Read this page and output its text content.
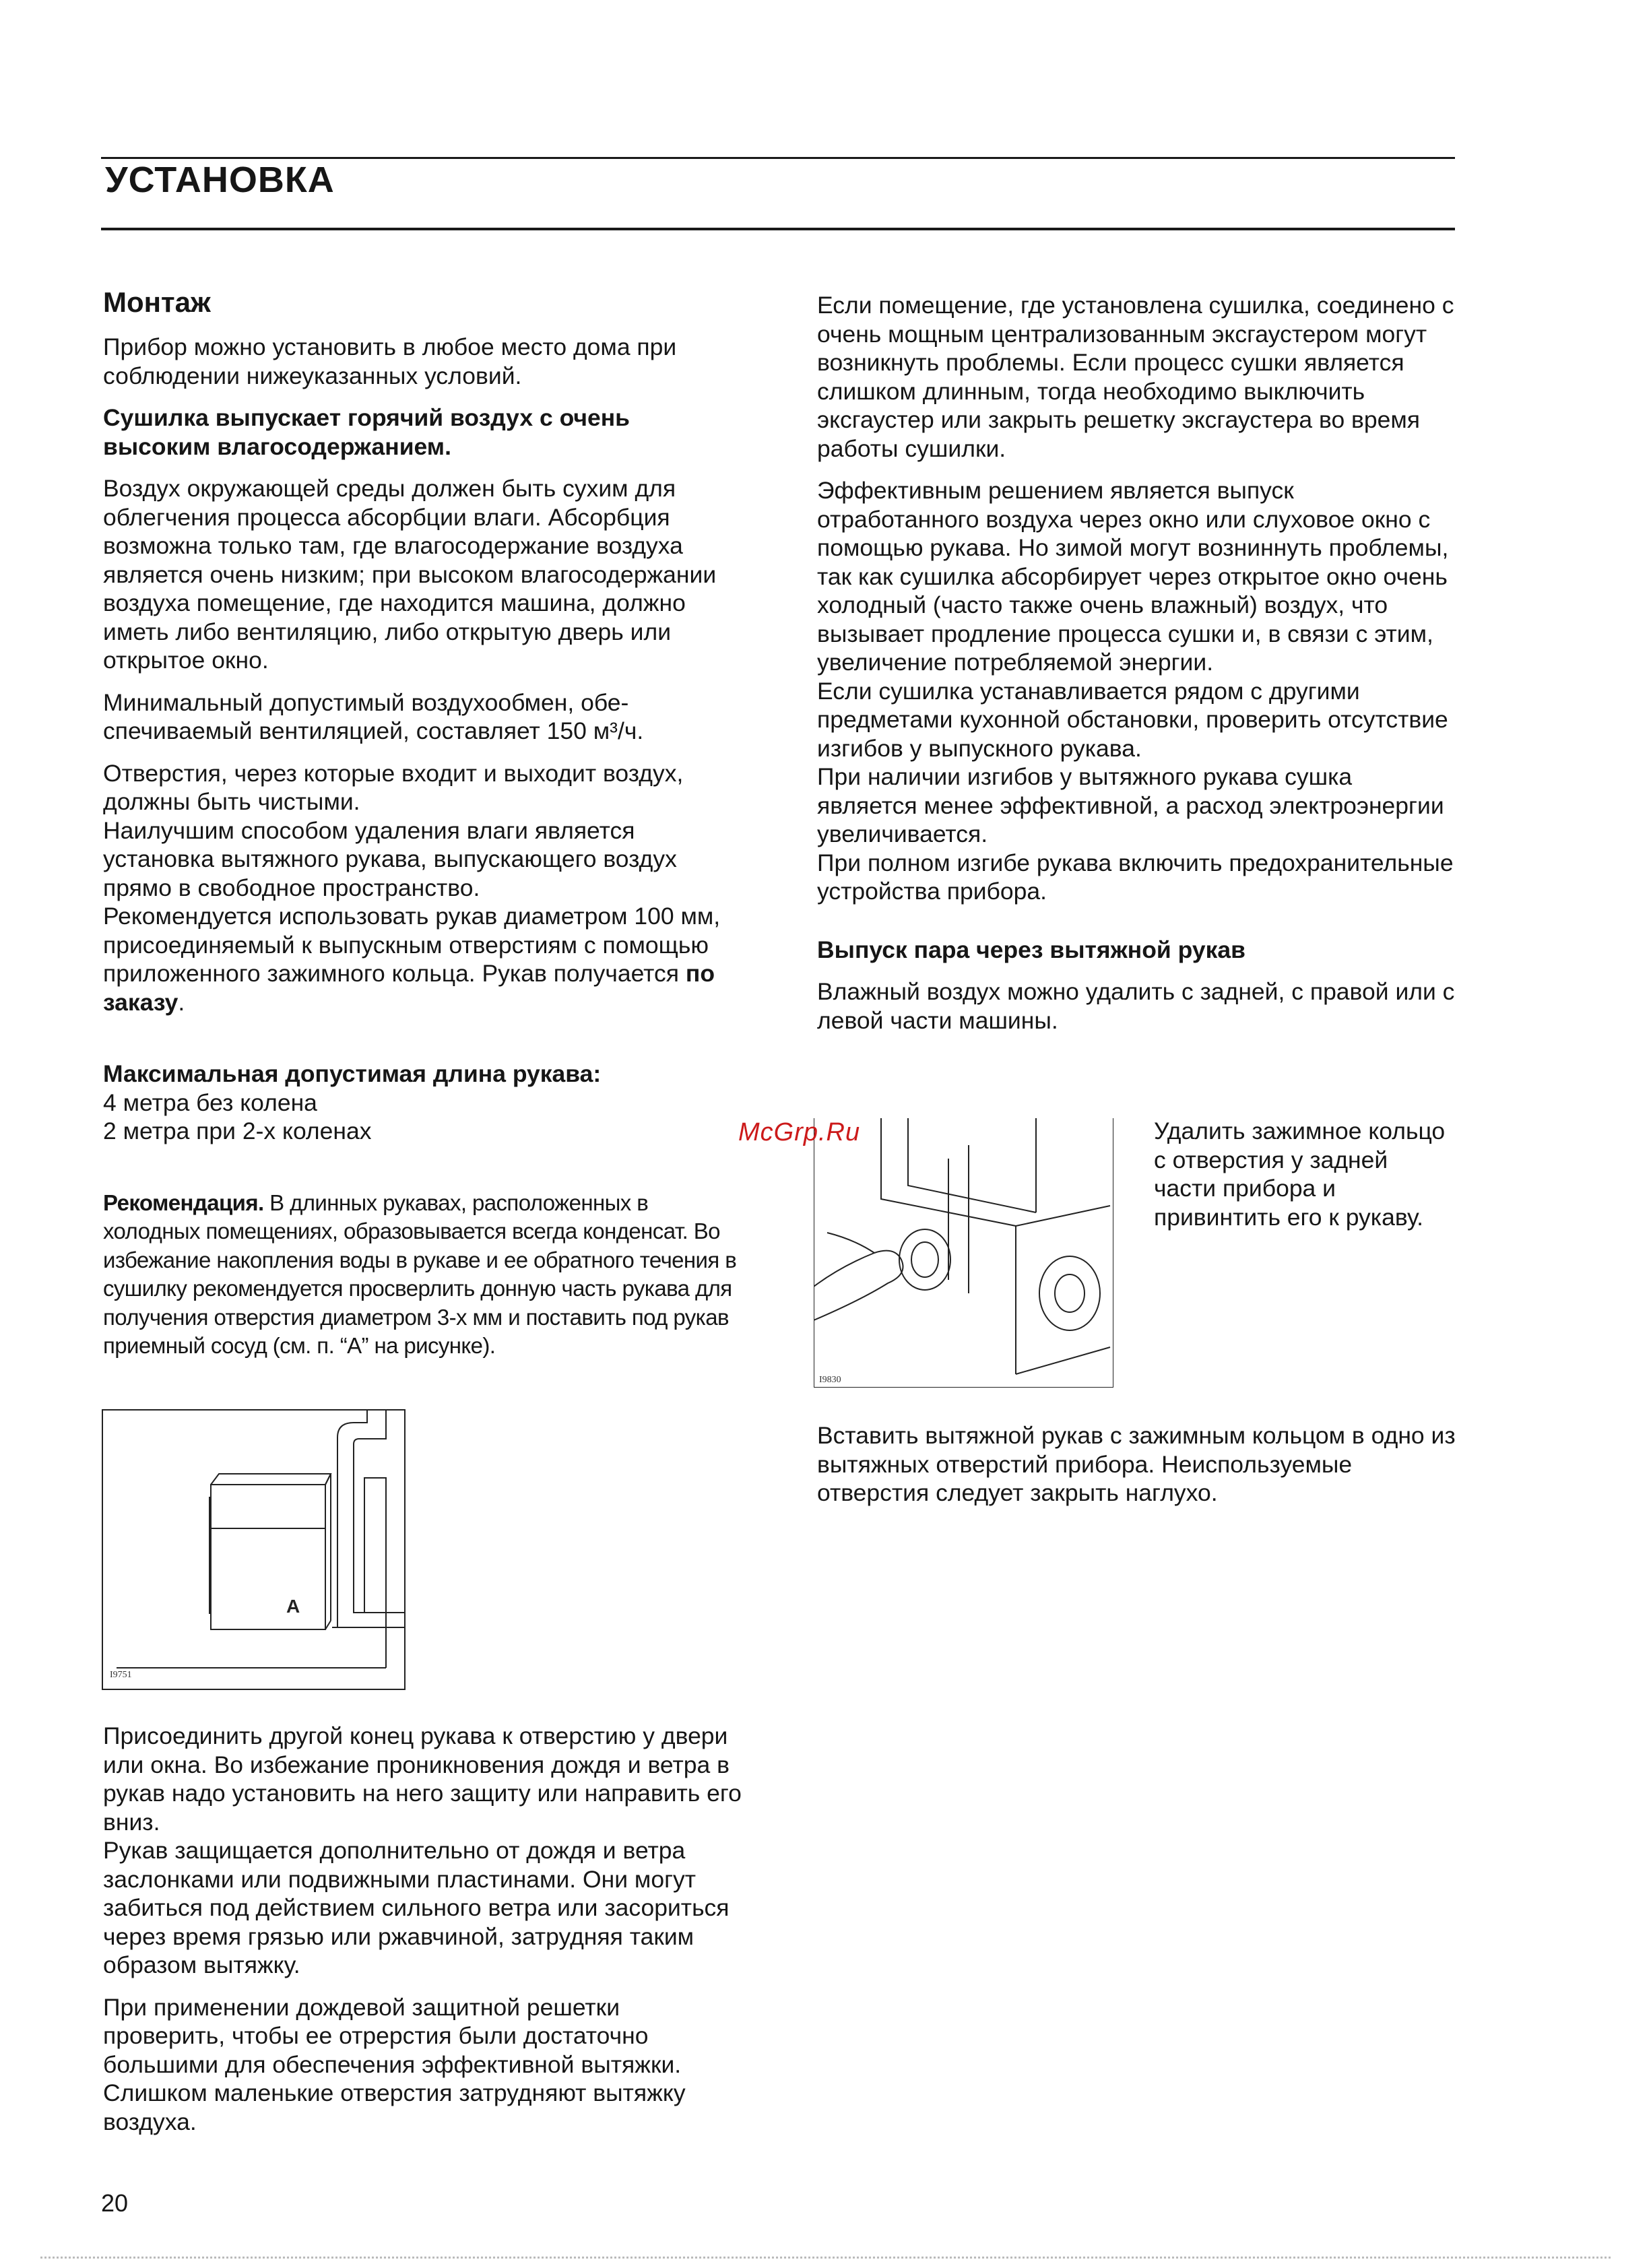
УСТАНОВКА
Монтаж

Прибор можно установить в любое место дома при соблюдении нижеуказанных условий.

Сушилка выпускает горячий воздух с очень высоким влагосодержанием.

Воздух окружающей среды должен быть сухим для облегчения процесса абсорбции влаги. Абсорбция возможна только там, где влагосодержание воздуха является очень низким; при высоком влагосодержании воздуха помещение, где находится машина, должно иметь либо вентиляцию, либо открытую дверь или открытое окно.

Минимальный допустимый воздухообмен, обе-спечиваемый вентиляцией, составляет 150 м³/ч.

Отверстия, через которые входит и выходит воздух, должны быть чистыми.

Наилучшим способом удаления влаги является установка вытяжного рукава, выпускающего воздух прямо в свободное пространство.

Рекомендуется использовать рукав диаметром 100 мм, присоединяемый к выпускным отверстиям с помощью приложенного зажимного кольца. Рукав получается по заказу.

Максимальная допустимая длина рукава:

4 метра без колена

2 метра при 2-х коленах

Рекомендация. В длинных рукавах, расположенных в холодных помещениях, образовывается всегда конденсат. Во избежание накопления воды в рукаве и ее обратного течения в сушилку рекомендуется просверлить донную часть рукава для получения отверстия диаметром 3-х мм и поставить под рукав приемный сосуд (см. п. “A” на рисунке).

A
I9751

Присоединить другой конец рукава к отверстию у двери или окна. Во избежание проникновения дождя и ветра в рукав надо установить на него защиту или направить его вниз.

Рукав защищается дополнительно от дождя и ветра заслонками или подвижными пластинами. Они могут забиться под действием сильного ветра или засориться через время грязью или ржавчиной, затрудняя таким образом вытяжку.

При применении дождевой защитной решетки проверить, чтобы ее отрерстия были достаточно большими для обеспечения эффективной вытяжки. Слишком маленькие отверстия затрудняют вытяжку воздуха.

Если помещение, где установлена сушилка, соединено с очень мощным централизованным эксгаустером могут возникнуть проблемы. Если процесс сушки является слишком длинным, тогда необходимо выключить эксгаустер или закрыть решетку эксгаустера во время работы сушилки.

Эффективным решением является выпуск отработанного воздуха через окно или слуховое окно с помощью рукава. Но зимой могут возниннуть проблемы, так как сушилка абсорбирует через открытое окно очень холодный (часто также очень влажный) воздух, что вызывает продление процесса сушки и, в связи с этим, увеличение потребляемой энергии.

Если сушилка устанавливается рядом с другими предметами кухонной обстановки, проверить отсутствие изгибов у выпускного рукава.

При наличии изгибов у вытяжного рукава сушка является менее эффективной, а расход электроэнергии увеличивается.

При полном изгибе рукава включить предохранительные устройства прибора.

Выпуск пара через вытяжной рукав

Влажный воздух можно удалить с задней, с правой или с левой части машины.

I9830
McGrp.Ru	Удалить зажимное кольцо с отверстия у задней части прибора и привинтить его к рукаву.

Вставить вытяжной рукав с зажимным кольцом в одно из вытяжных отверстий прибора. Неиспользуемые отверстия следует закрыть наглухо.

20
